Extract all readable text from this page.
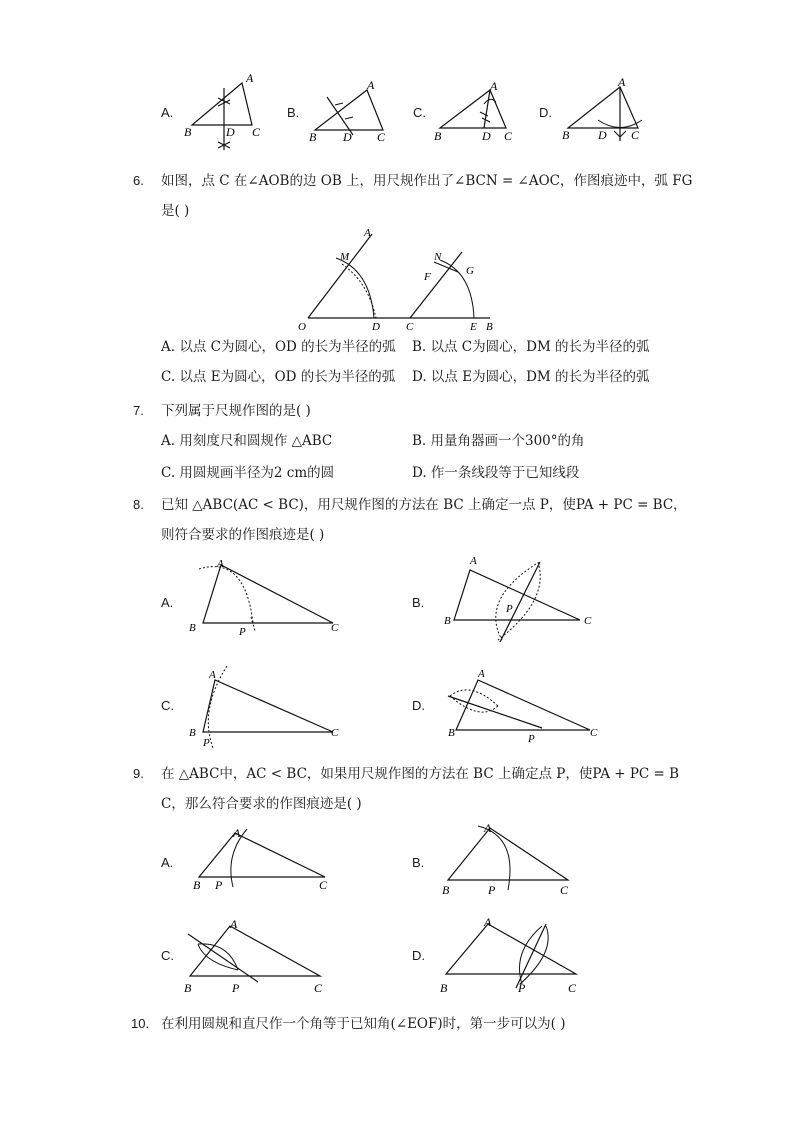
A.
A
B	D C
B.
A
B D C
C.
A
B	D C
D.
A
B D C
6. 如图，点 C 在∠AOB的边 OB 上，用尺规作出了∠BCN = ∠AOC，作图痕迹中，弧 FG
是( )
A
M
O	D
N
F	G
C	E B
A. 以点 C为圆心，OD 的长为半径的弧 B. 以点 C为圆心，DM 的长为半径的弧
C. 以点 E为圆心，OD 的长为半径的弧 D. 以点 E为圆心，DM 的长为半径的弧
7. 下列属于尺规作图的是( )
A. 用刻度尺和圆规作 △ABC	B. 用量角器画一个300°的角
C. 用圆规画半径为2 cm的圆	D. 作一条线段等于已知线段
8. 已知 △ABC(AC < BC)，用尺规作图的方法在 BC 上确定一点 P，使PA + PC = BC，
则符合要求的作图痕迹是( )
A.
A
B	P	C
B.
A
B
P
C
C.
A
B
P
C
D.
A
B	P	C
9. 在 △ABC中，AC < BC，如果用尺规作图的方法在 BC 上确定点 P，使PA + PC = B
C，那么符合要求的作图痕迹是( )
A.
A
B P	C
B.
A
B	P	C
C.
A
B	P	C
D.
A
B	P	C
10. 在利用圆规和直尺作一个角等于已知角(∠EOF)时，第一步可以为( )
